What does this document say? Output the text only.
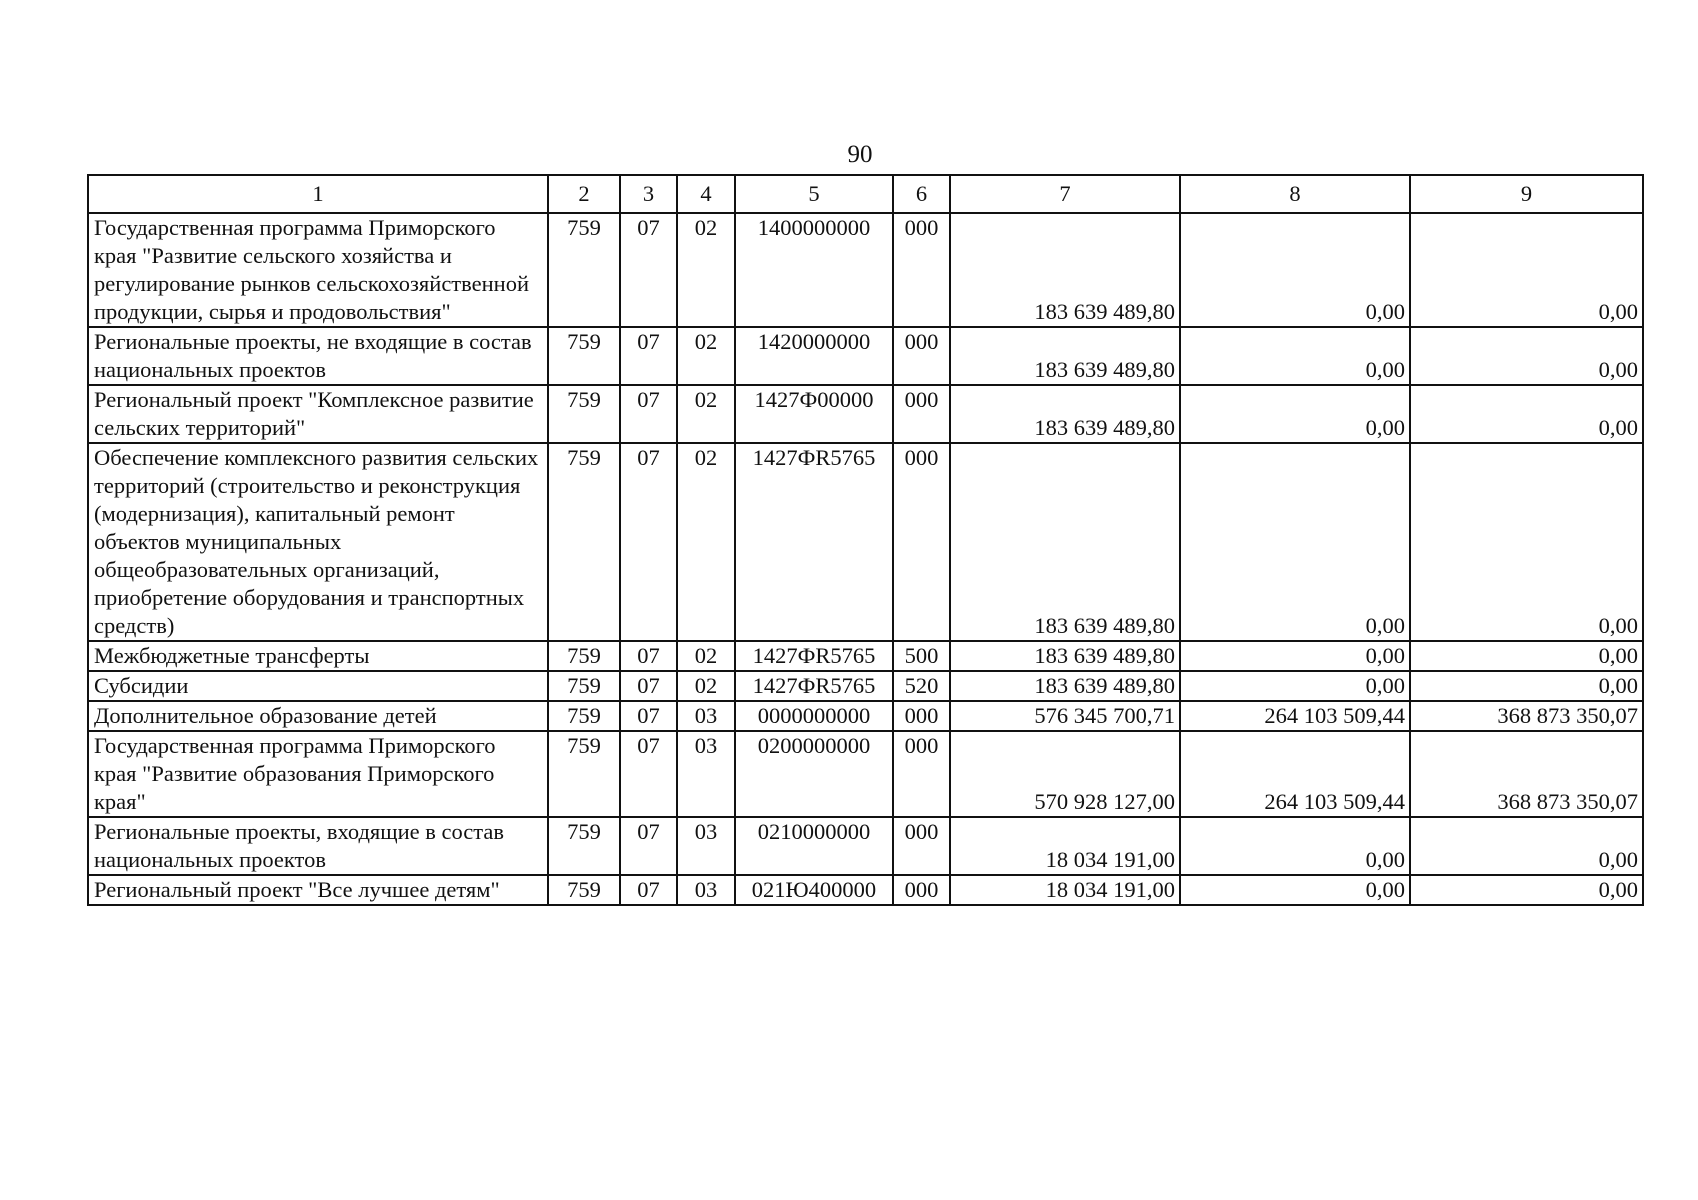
90
1	2	3	4	5	6	7	8	9
Государственная программа Приморского края "Развитие сельского хозяйства и регулирование рынков сельскохозяйственной продукции, сырья и продовольствия"	759	07	02	1400000000	000	183 639 489,80	0,00	0,00
Региональные проекты, не входящие в состав национальных проектов	759	07	02	1420000000	000	183 639 489,80	0,00	0,00
Региональный проект "Комплексное развитие сельских территорий"	759	07	02	1427Ф00000	000	183 639 489,80	0,00	0,00
Обеспечение комплексного развития сельских территорий (строительство и реконструкция (модернизация), капитальный ремонт объектов муниципальных общеобразовательных организаций, приобретение оборудования и транспортных средств)	759	07	02	1427ФR5765	000	183 639 489,80	0,00	0,00
Межбюджетные трансферты	759	07	02	1427ФR5765	500	183 639 489,80	0,00	0,00
Субсидии	759	07	02	1427ФR5765	520	183 639 489,80	0,00	0,00
Дополнительное образование детей	759	07	03	0000000000	000	576 345 700,71	264 103 509,44	368 873 350,07
Государственная программа Приморского края "Развитие образования Приморского края"	759	07	03	0200000000	000	570 928 127,00	264 103 509,44	368 873 350,07
Региональные проекты, входящие в состав национальных проектов	759	07	03	0210000000	000	18 034 191,00	0,00	0,00
Региональный проект "Все лучшее детям"	759	07	03	021Ю400000	000	18 034 191,00	0,00	0,00
